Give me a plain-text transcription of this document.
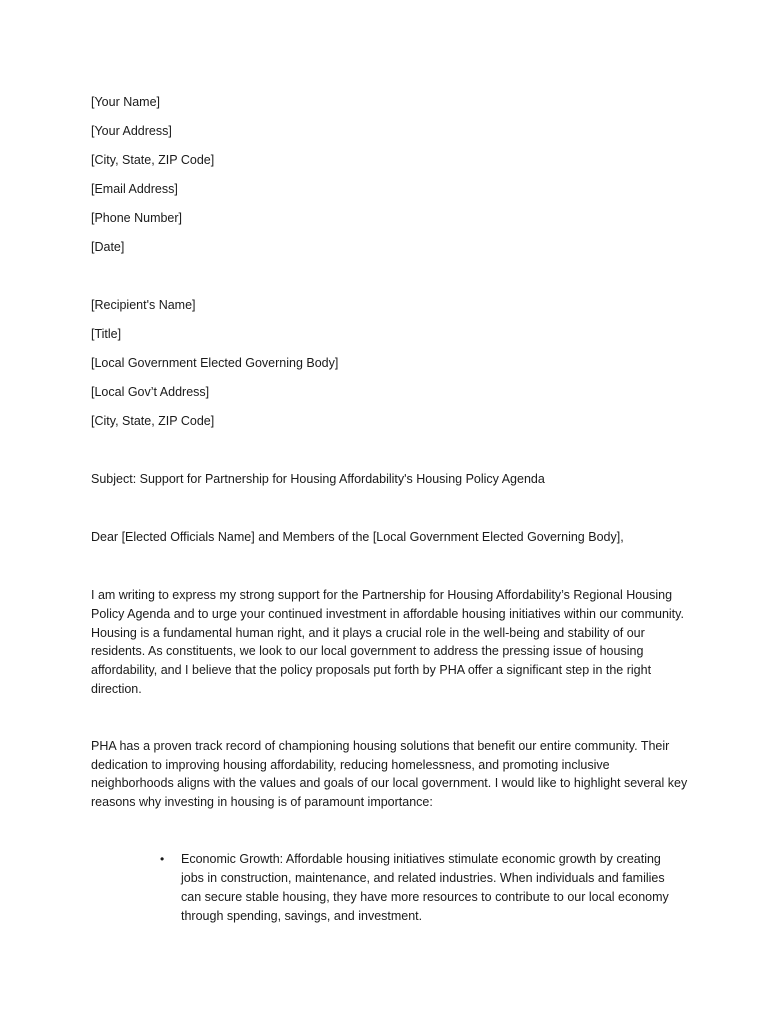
[Your Name]
[Your Address]
[City, State, ZIP Code]
[Email Address]
[Phone Number]
[Date]
[Recipient's Name]
[Title]
[Local Government Elected Governing Body]
[Local Gov’t Address]
[City, State, ZIP Code]
Subject: Support for Partnership for Housing Affordability's Housing Policy Agenda
Dear [Elected Officials Name] and Members of the [Local Government Elected Governing Body],

I am writing to express my strong support for the Partnership for Housing Affordability’s Regional Housing Policy Agenda and to urge your continued investment in affordable housing initiatives within our community. Housing is a fundamental human right, and it plays a crucial role in the well-being and stability of our residents. As constituents, we look to our local government to address the pressing issue of housing affordability, and I believe that the policy proposals put forth by PHA offer a significant step in the right direction.

PHA has a proven track record of championing housing solutions that benefit our entire community. Their dedication to improving housing affordability, reducing homelessness, and promoting inclusive neighborhoods aligns with the values and goals of our local government. I would like to highlight several key reasons why investing in housing is of paramount importance:

• Economic Growth: Affordable housing initiatives stimulate economic growth by creating jobs in construction, maintenance, and related industries. When individuals and families can secure stable housing, they have more resources to contribute to our local economy through spending, savings, and investment.
